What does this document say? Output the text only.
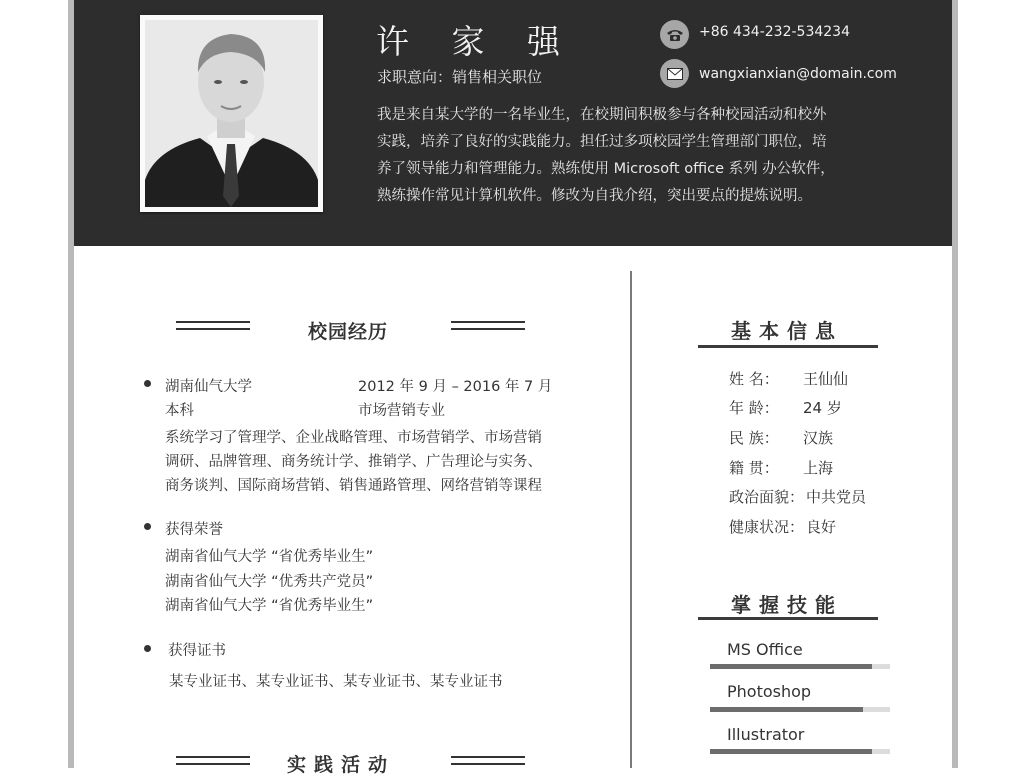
许 家 强
求职意向：销售相关职位
我是来自某大学的一名毕业生，在校期间积极参与各种校园活动和校外
实践，培养了良好的实践能力。担任过多项校园学生管理部门职位，培
养了领导能力和管理能力。熟练使用 Microsoft office 系列 办公软件，
熟练操作常见计算机软件。修改为自我介绍，突出要点的提炼说明。
+86 434-232-534234
wangxianxian@domain.com
校园经历
湖南仙气大学	2012 年 9 月 – 2016 年 7 月
本科	市场营销专业
系统学习了管理学、企业战略管理、市场营销学、市场营销
调研、品牌管理、商务统计学、推销学、广告理论与实务、
商务谈判、国际商场营销、销售通路管理、网络营销等课程
获得荣誉
湖南省仙气大学 “省优秀毕业生”
湖南省仙气大学 “优秀共产党员”
湖南省仙气大学 “省优秀毕业生”
获得证书
某专业证书、某专业证书、某专业证书、某专业证书
实践活动
基本信息
姓 名： 王仙仙
年 龄： 24 岁
民 族： 汉族
籍 贯： 上海
政治面貌： 中共党员
健康状况： 良好
掌握技能
MS Office
Photoshop
Illustrator
